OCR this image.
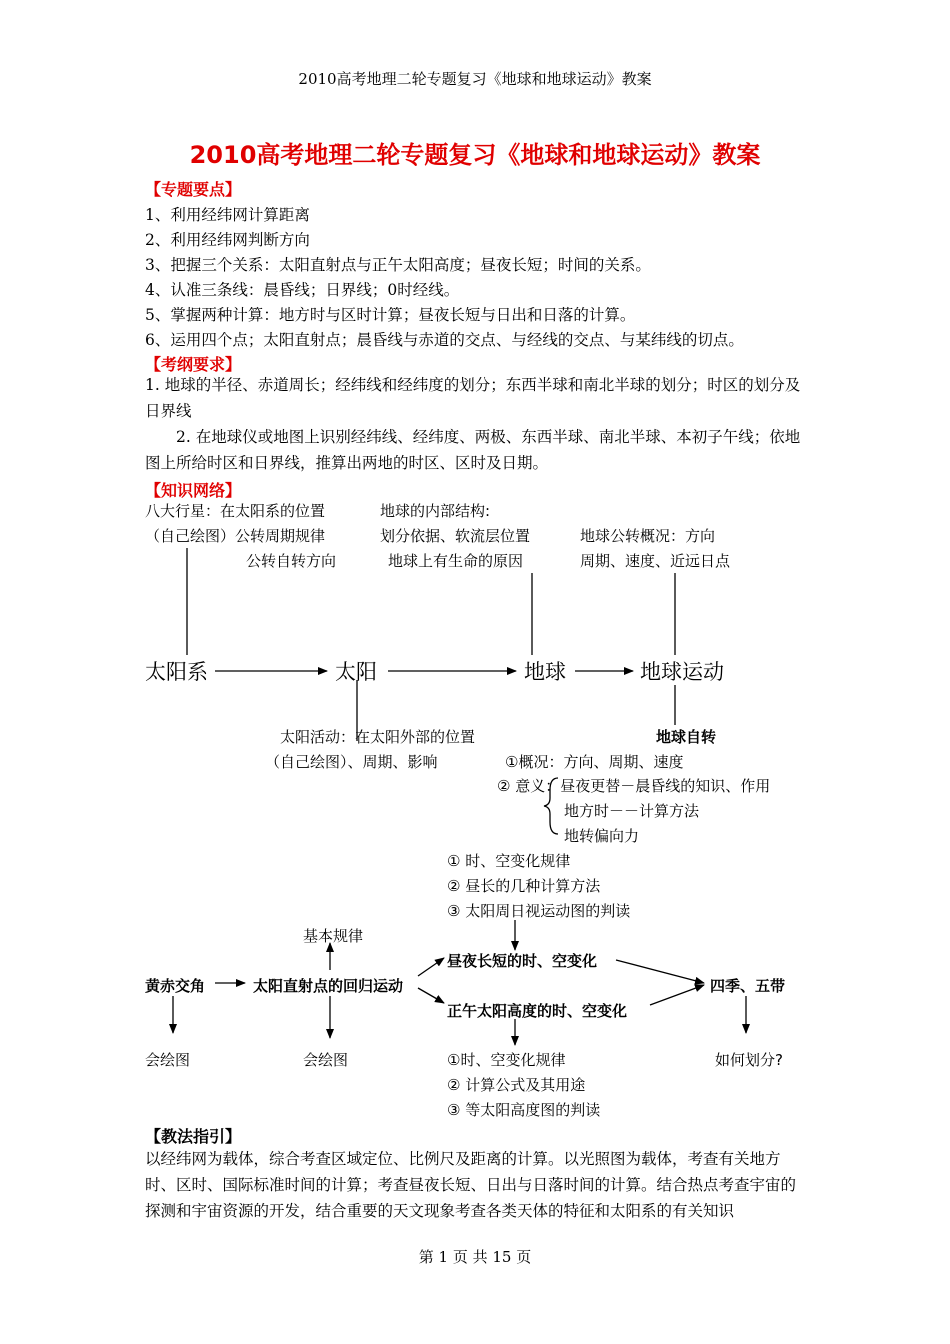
2010高考地理二轮专题复习《地球和地球运动》教案
2010高考地理二轮专题复习《地球和地球运动》教案
【专题要点】
1、利用经纬网计算距离
2、利用经纬网判断方向
3、把握三个关系：太阳直射点与正午太阳高度；昼夜长短；时间的关系。
4、认准三条线：晨昏线；日界线；0时经线。
5、掌握两种计算：地方时与区时计算；昼夜长短与日出和日落的计算。
6、运用四个点；太阳直射点；晨昏线与赤道的交点、与经线的交点、与某纬线的切点。
【考纲要求】
1. 地球的半径、赤道周长；经纬线和经纬度的划分；东西半球和南北半球的划分；时区的划分及日界线
2. 在地球仪或地图上识别经纬线、经纬度、两极、东西半球、南北半球、本初子午线；依地图上所给时区和日界线，推算出两地的时区、区时及日期。
【知识网络】
八大行星：在太阳系的位置
（自己绘图）公转周期规律
公转自转方向
地球的内部结构:
划分依据、软流层位置
地球上有生命的原因
地球公转概况：方向
周期、速度、近远日点
太阳系	太阳	地球	地球运动
太阳活动：在太阳外部的位置
（自己绘图）、周期、影响
地球自转
①概况：方向、周期、速度
② 意义：昼夜更替－晨昏线的知识、作用
地方时－－计算方法
地转偏向力
① 时、空变化规律
② 昼长的几种计算方法
③ 太阳周日视运动图的判读
基本规律
黄赤交角	太阳直射点的回归运动
昼夜长短的时、空变化
正午太阳高度的时、空变化
四季、五带
会绘图	会绘图	①时、空变化规律
② 计算公式及其用途
③ 等太阳高度图的判读
如何划分?
【教法指引】
以经纬网为载体，综合考查区域定位、比例尺及距离的计算。以光照图为载体，考查有关地方时、区时、国际标准时间的计算；考查昼夜长短、日出与日落时间的计算。结合热点考查宇宙的探测和宇宙资源的开发，结合重要的天文现象考查各类天体的特征和太阳系的有关知识
第 1 页 共 15 页
